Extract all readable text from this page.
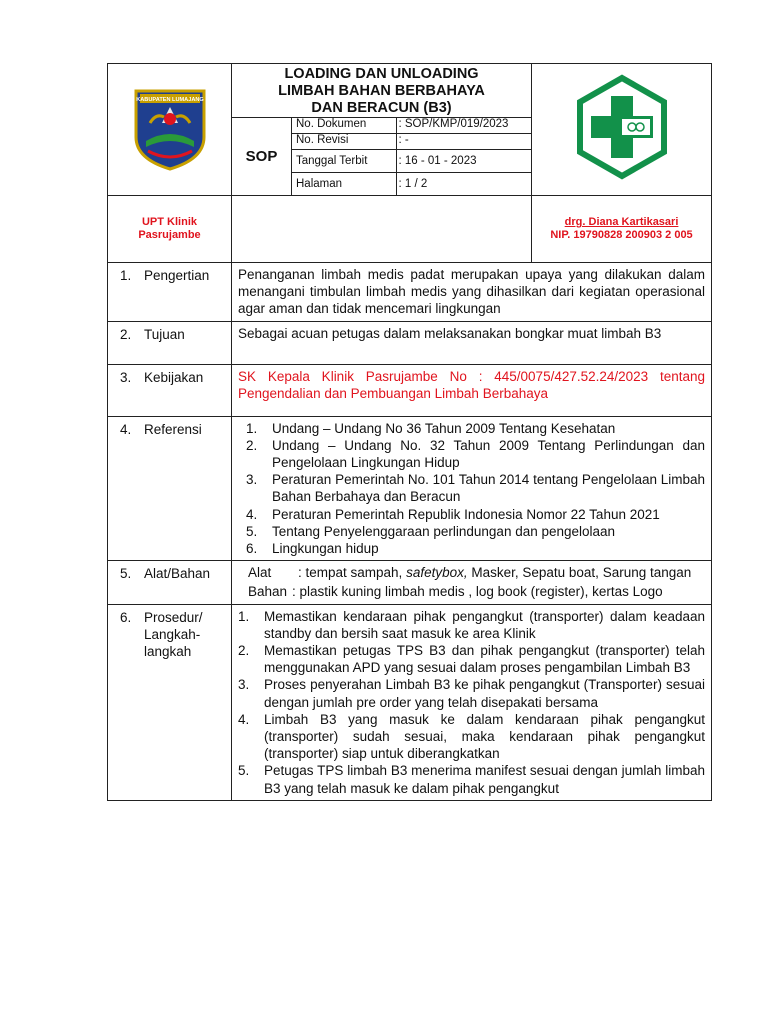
KABUPATEN LUMAJANG

LOADING DAN UNLOADING
LIMBAH BAHAN BERBAHAYA
DAN BERACUN (B3)

SOP	
No. Dokumen	: SOP/KMP/019/2023
No. Revisi	: -
Tanggal Terbit	: 16 - 01 - 2023
Halaman	: 1 / 2

UPT Klinik
Pasrujambe

drg. Diana Kartikasari
NIP. 19790828 200903 2 005

1. Pengertian	Penanganan limbah medis padat merupakan upaya yang dilakukan dalam menangani timbulan limbah medis yang dihasilkan dari kegiatan operasional agar aman dan tidak mencemari lingkungan
2. Tujuan	Sebagai acuan petugas dalam melaksanakan bongkar muat limbah B3
3. Kebijakan	SK Kepala Klinik Pasrujambe No : 445/0075/427.52.24/2023 tentang Pengendalian dan Pembuangan Limbah Berbahaya
4. Referensi	1.	Undang – Undang No 36 Tahun 2009 Tentang Kesehatan
2.	Undang – Undang No. 32 Tahun 2009 Tentang Perlindungan dan Pengelolaan Lingkungan Hidup
3.	Peraturan Pemerintah No. 101 Tahun 2014 tentang Pengelolaan Limbah Bahan Berbahaya dan Beracun
4.	Peraturan Pemerintah Republik Indonesia Nomor 22 Tahun 2021
5.	Tentang Penyelenggaraan perlindungan dan pengelolaan
6.	Lingkungan hidup

5. Alat/Bahan	Alat	: tempat sampah, safetybox, Masker, Sepatu boat, Sarung tangan
Bahan : plastik kuning limbah medis , log book (register), kertas Logo

6. Prosedur/ Langkah-langkah	
1.	Memastikan kendaraan pihak pengangkut (transporter) dalam keadaan standby dan bersih saat masuk ke area Klinik
2.	Memastikan petugas TPS B3 dan pihak pengangkut (transporter) telah menggunakan APD yang sesuai dalam proses pengambilan Limbah B3
3.	Proses penyerahan Limbah B3 ke pihak pengangkut (Transporter) sesuai dengan jumlah pre order yang telah disepakati bersama
4.	Limbah B3 yang masuk ke dalam kendaraan pihak pengangkut (transporter) sudah sesuai, maka kendaraan pihak pengangkut (transporter) siap untuk diberangkatkan
5.	Petugas TPS limbah B3 menerima manifest sesuai dengan jumlah limbah B3 yang telah masuk ke dalam pihak pengangkut
